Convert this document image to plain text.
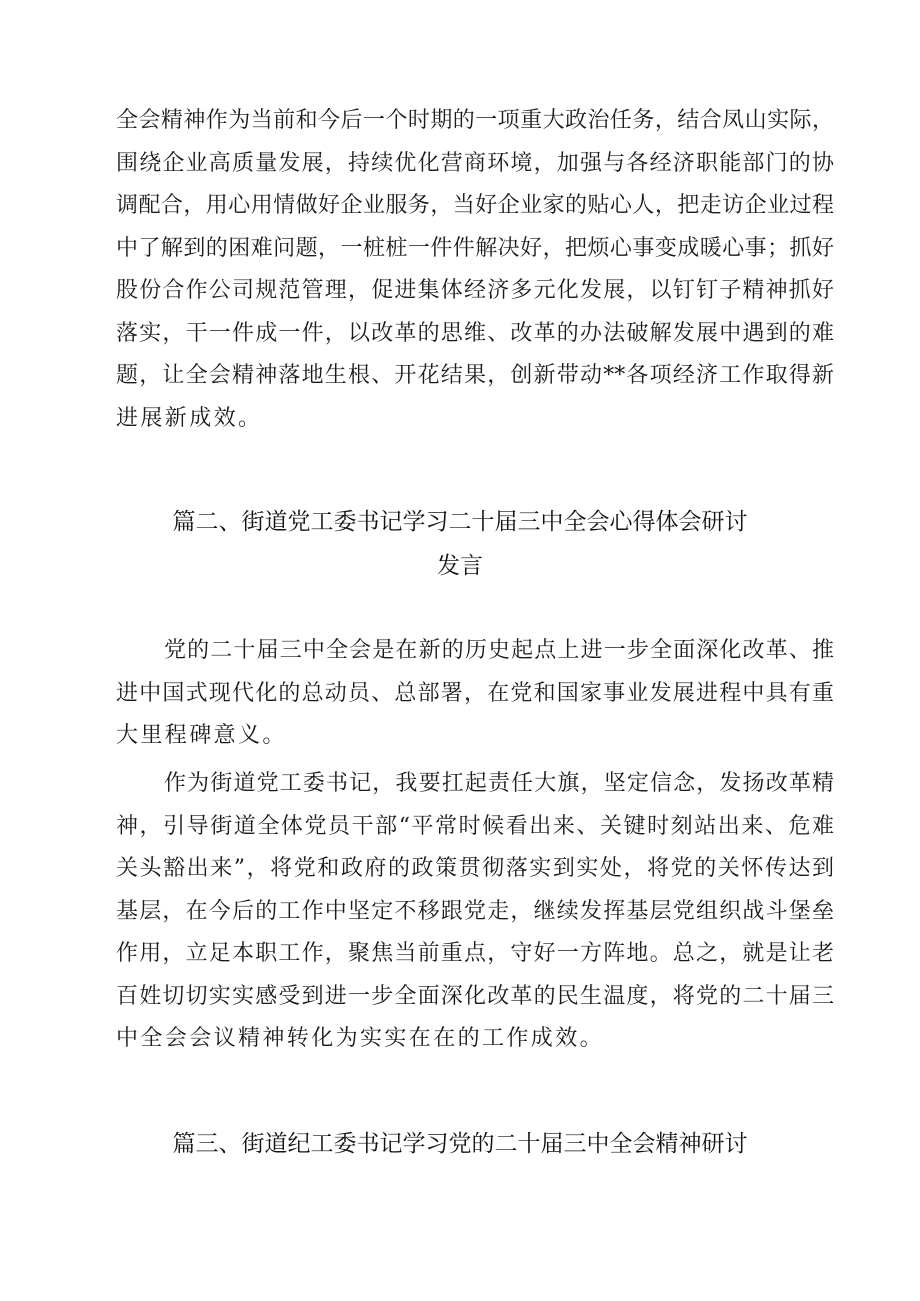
全会精神作为当前和今后一个时期的一项重大政治任务，结合凤山实际，
围绕企业高质量发展，持续优化营商环境，加强与各经济职能部门的协
调配合，用心用情做好企业服务，当好企业家的贴心人，把走访企业过程
中了解到的困难问题，一桩桩一件件解决好，把烦心事变成暖心事；抓好
股份合作公司规范管理，促进集体经济多元化发展，以钉钉子精神抓好
落实，干一件成一件，以改革的思维、改革的办法破解发展中遇到的难
题，让全会精神落地生根、开花结果，创新带动**各项经济工作取得新
进展新成效。
篇二、街道党工委书记学习二十届三中全会心得体会研讨
发言
党的二十届三中全会是在新的历史起点上进一步全面深化改革、推
进中国式现代化的总动员、总部署，在党和国家事业发展进程中具有重
大里程碑意义。
作为街道党工委书记，我要扛起责任大旗，坚定信念，发扬改革精
神，引导街道全体党员干部“平常时候看出来、关键时刻站出来、危难
关头豁出来”，将党和政府的政策贯彻落实到实处，将党的关怀传达到
基层，在今后的工作中坚定不移跟党走，继续发挥基层党组织战斗堡垒
作用，立足本职工作，聚焦当前重点，守好一方阵地。总之，就是让老
百姓切切实实感受到进一步全面深化改革的民生温度，将党的二十届三
中全会会议精神转化为实实在在的工作成效。
篇三、街道纪工委书记学习党的二十届三中全会精神研讨
